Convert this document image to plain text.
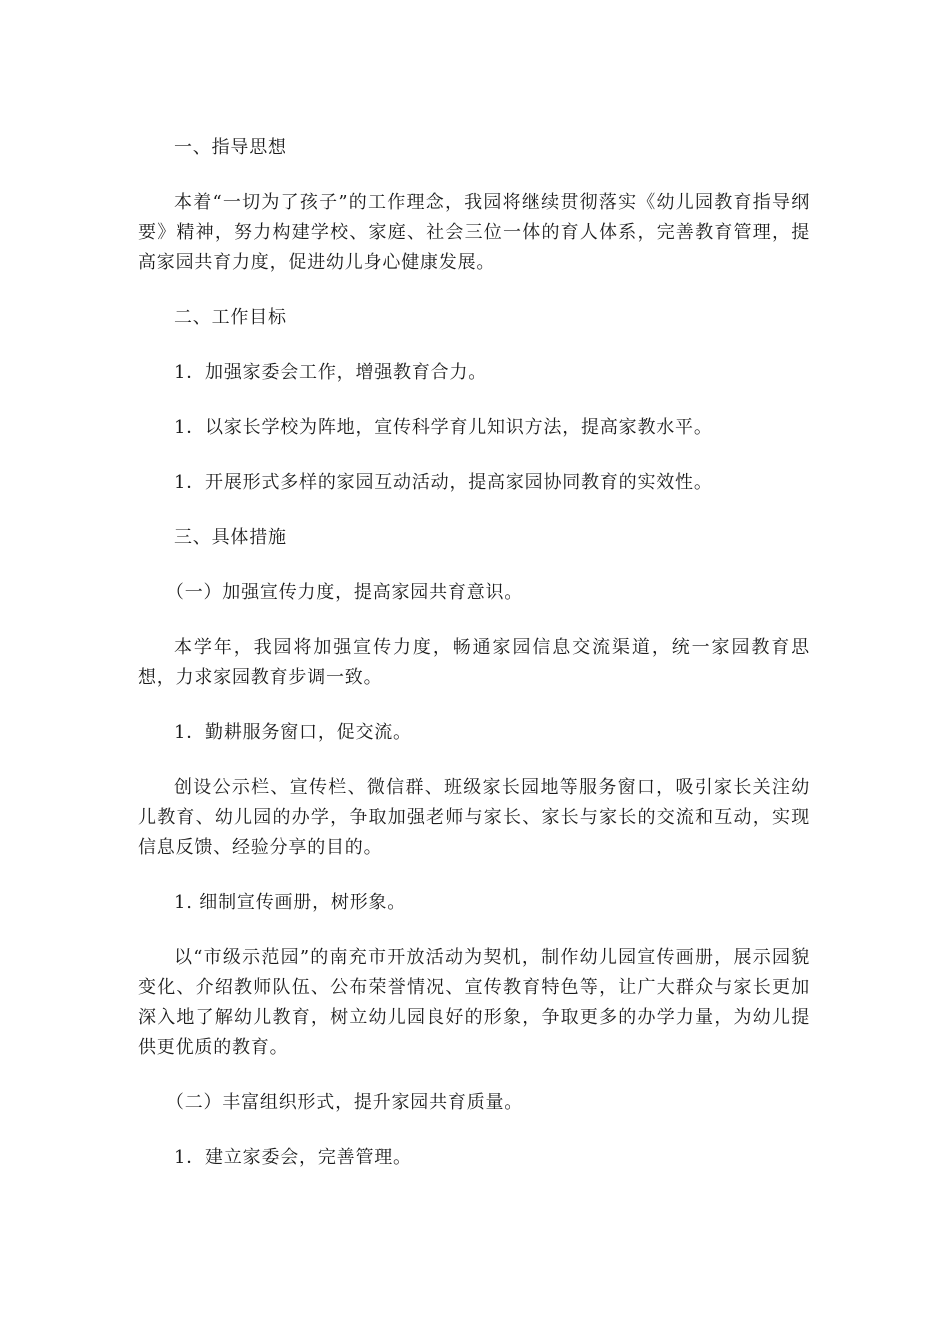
一、指导思想

本着“一切为了孩子”的工作理念，我园将继续贯彻落实《幼儿园教育指导纲要》精神，努力构建学校、家庭、社会三位一体的育人体系，完善教育管理，提高家园共育力度，促进幼儿身心健康发展。

二、工作目标

1．加强家委会工作，增强教育合力。

1．以家长学校为阵地，宣传科学育儿知识方法，提高家教水平。

1．开展形式多样的家园互动活动，提高家园协同教育的实效性。

三、具体措施

（一）加强宣传力度，提高家园共育意识。

本学年，我园将加强宣传力度，畅通家园信息交流渠道，统一家园教育思想，力求家园教育步调一致。

1．勤耕服务窗口，促交流。

创设公示栏、宣传栏、微信群、班级家长园地等服务窗口，吸引家长关注幼儿教育、幼儿园的办学，争取加强老师与家长、家长与家长的交流和互动，实现信息反馈、经验分享的目的。

1. 细制宣传画册，树形象。

以“市级示范园”的南充市开放活动为契机，制作幼儿园宣传画册，展示园貌变化、介绍教师队伍、公布荣誉情况、宣传教育特色等，让广大群众与家长更加深入地了解幼儿教育，树立幼儿园良好的形象，争取更多的办学力量，为幼儿提供更优质的教育。

（二）丰富组织形式，提升家园共育质量。

1．建立家委会，完善管理。
